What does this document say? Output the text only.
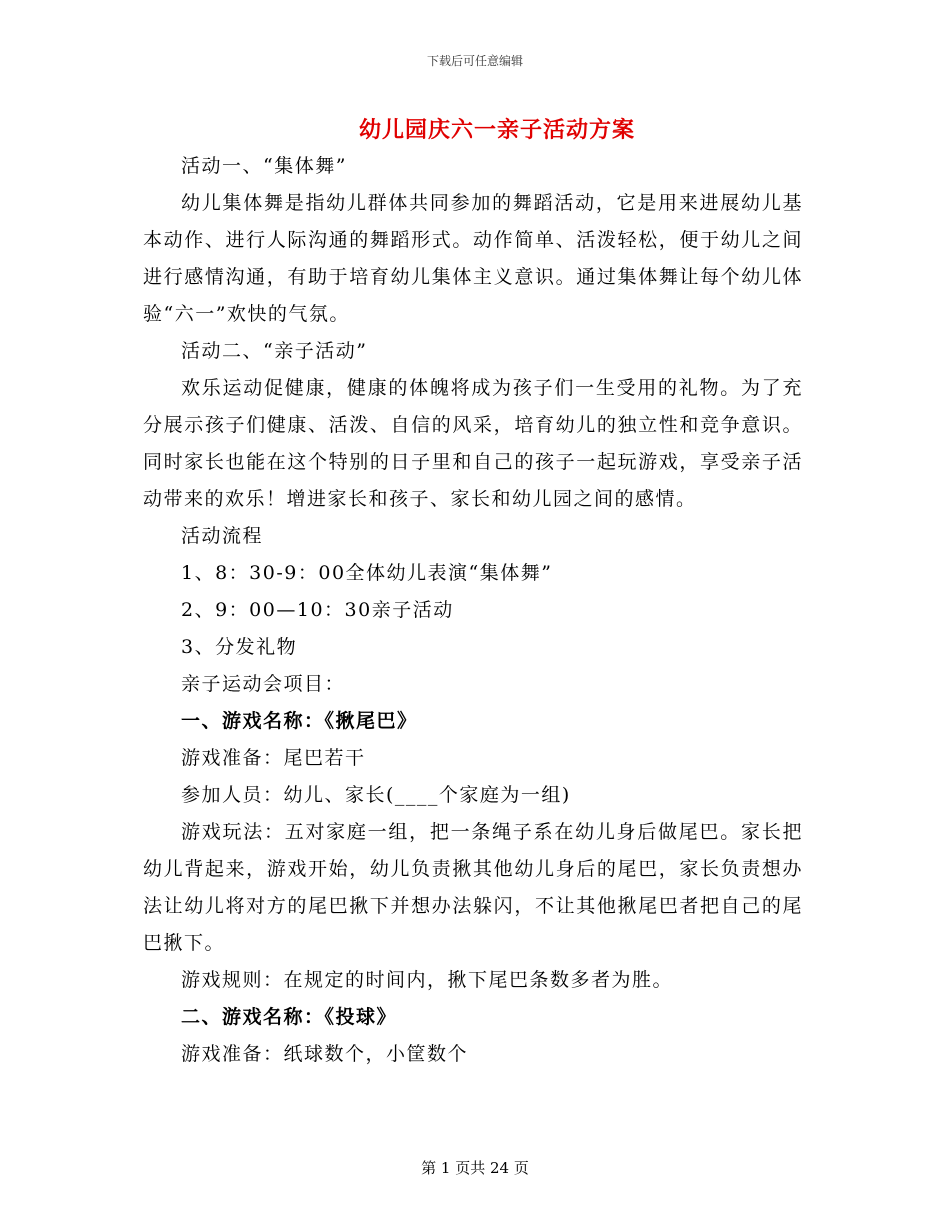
下载后可任意编辑
幼儿园庆六一亲子活动方案

活动一、“集体舞”

幼儿集体舞是指幼儿群体共同参加的舞蹈活动，它是用来进展幼儿基本动作、进行人际沟通的舞蹈形式。动作简单、活泼轻松，便于幼儿之间进行感情沟通，有助于培育幼儿集体主义意识。通过集体舞让每个幼儿体验“六一”欢快的气氛。

活动二、“亲子活动”

欢乐运动促健康，健康的体魄将成为孩子们一生受用的礼物。为了充分展示孩子们健康、活泼、自信的风采，培育幼儿的独立性和竞争意识。同时家长也能在这个特别的日子里和自己的孩子一起玩游戏，享受亲子活动带来的欢乐！增进家长和孩子、家长和幼儿园之间的感情。

活动流程

1、8：30-9：00全体幼儿表演“集体舞”

2、9：00—10：30亲子活动

3、分发礼物

亲子运动会项目：

一、游戏名称：《揪尾巴》

游戏准备：尾巴若干

参加人员：幼儿、家长(____个家庭为一组)

游戏玩法：五对家庭一组，把一条绳子系在幼儿身后做尾巴。家长把幼儿背起来，游戏开始，幼儿负责揪其他幼儿身后的尾巴，家长负责想办法让幼儿将对方的尾巴揪下并想办法躲闪，不让其他揪尾巴者把自己的尾巴揪下。

游戏规则：在规定的时间内，揪下尾巴条数多者为胜。

二、游戏名称：《投球》

游戏准备：纸球数个，小筐数个

第 1 页共 24 页
